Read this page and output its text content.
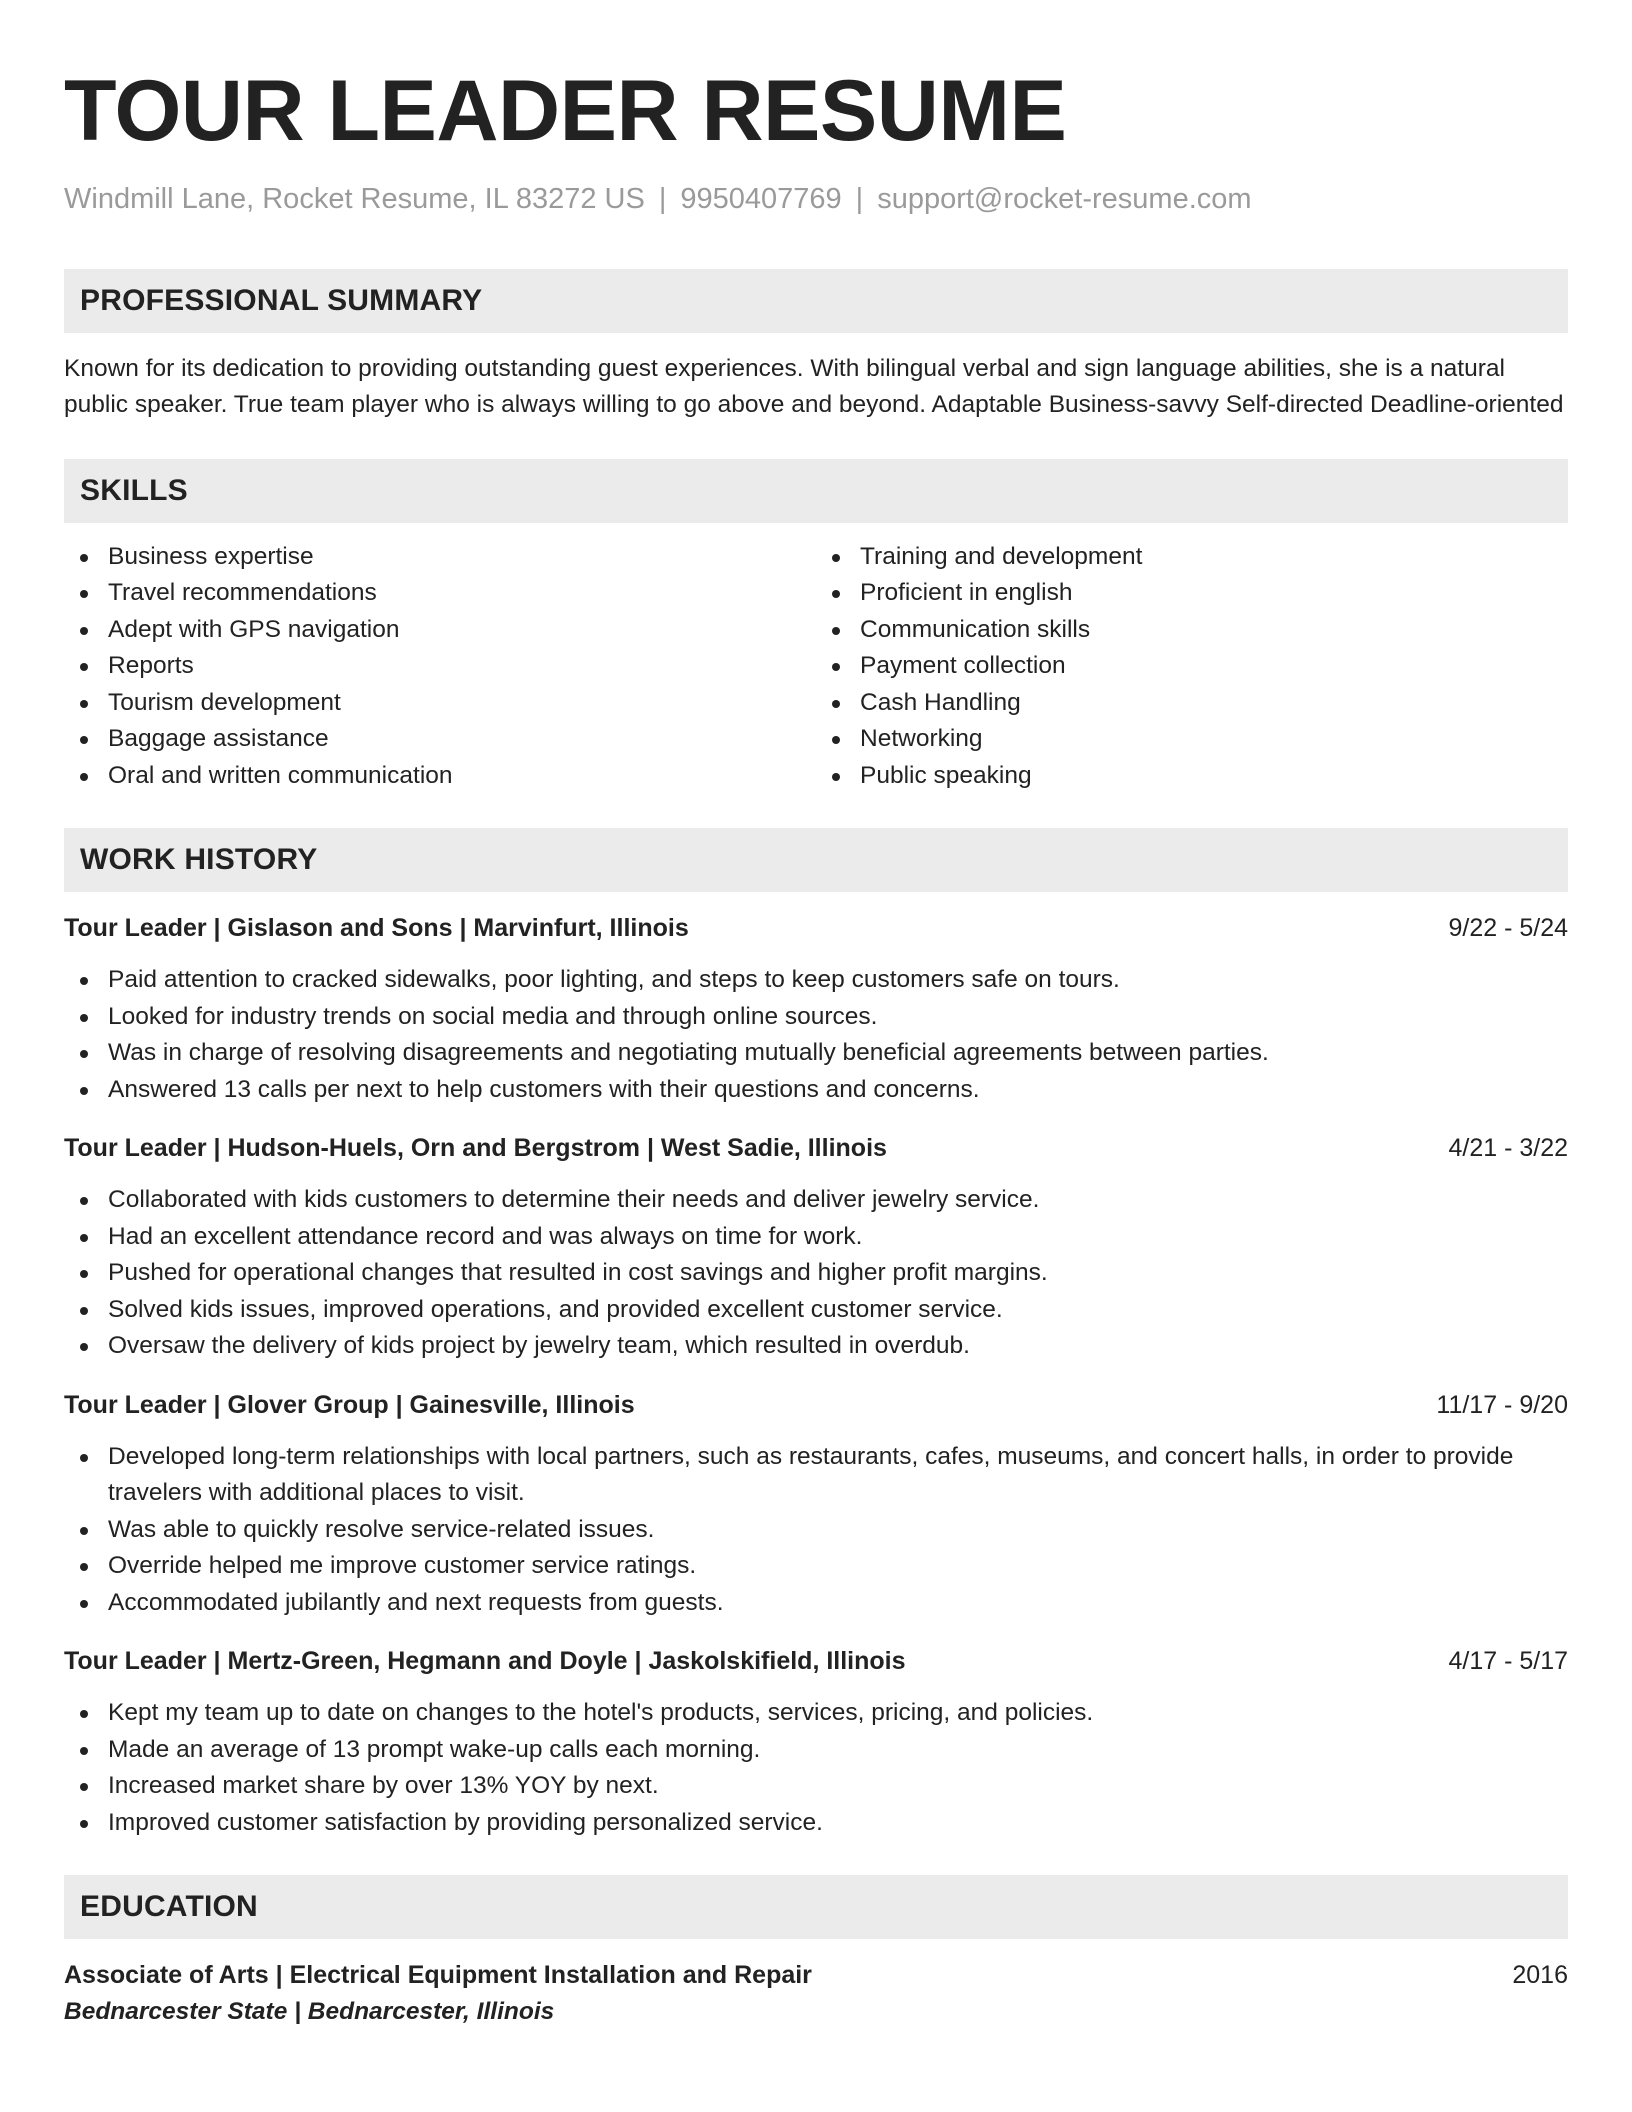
TOUR LEADER RESUME
Windmill Lane, Rocket Resume, IL 83272 US | 9950407769 | support@rocket-resume.com
PROFESSIONAL SUMMARY

Known for its dedication to providing outstanding guest experiences. With bilingual verbal and sign language abilities, she is a natural public speaker. True team player who is always willing to go above and beyond. Adaptable Business-savvy Self-directed Deadline-oriented

SKILLS
Business expertise
Travel recommendations
Adept with GPS navigation
Reports
Tourism development
Baggage assistance
Oral and written communication
Training and development
Proficient in english
Communication skills
Payment collection
Cash Handling
Networking
Public speaking
WORK HISTORY
Tour Leader | Gislason and Sons | Marvinfurt, Illinois	9/22 - 5/24
Paid attention to cracked sidewalks, poor lighting, and steps to keep customers safe on tours.
Looked for industry trends on social media and through online sources.
Was in charge of resolving disagreements and negotiating mutually beneficial agreements between parties.
Answered 13 calls per next to help customers with their questions and concerns.
Tour Leader | Hudson-Huels, Orn and Bergstrom | West Sadie, Illinois	4/21 - 3/22
Collaborated with kids customers to determine their needs and deliver jewelry service.
Had an excellent attendance record and was always on time for work.
Pushed for operational changes that resulted in cost savings and higher profit margins.
Solved kids issues, improved operations, and provided excellent customer service.
Oversaw the delivery of kids project by jewelry team, which resulted in overdub.
Tour Leader | Glover Group | Gainesville, Illinois	11/17 - 9/20
Developed long-term relationships with local partners, such as restaurants, cafes, museums, and concert halls, in order to provide travelers with additional places to visit.
Was able to quickly resolve service-related issues.
Override helped me improve customer service ratings.
Accommodated jubilantly and next requests from guests.
Tour Leader | Mertz-Green, Hegmann and Doyle | Jaskolskifield, Illinois	4/17 - 5/17
Kept my team up to date on changes to the hotel's products, services, pricing, and policies.
Made an average of 13 prompt wake-up calls each morning.
Increased market share by over 13% YOY by next.
Improved customer satisfaction by providing personalized service.
EDUCATION
Associate of Arts | Electrical Equipment Installation and Repair	2016
Bednarcester State | Bednarcester, Illinois
